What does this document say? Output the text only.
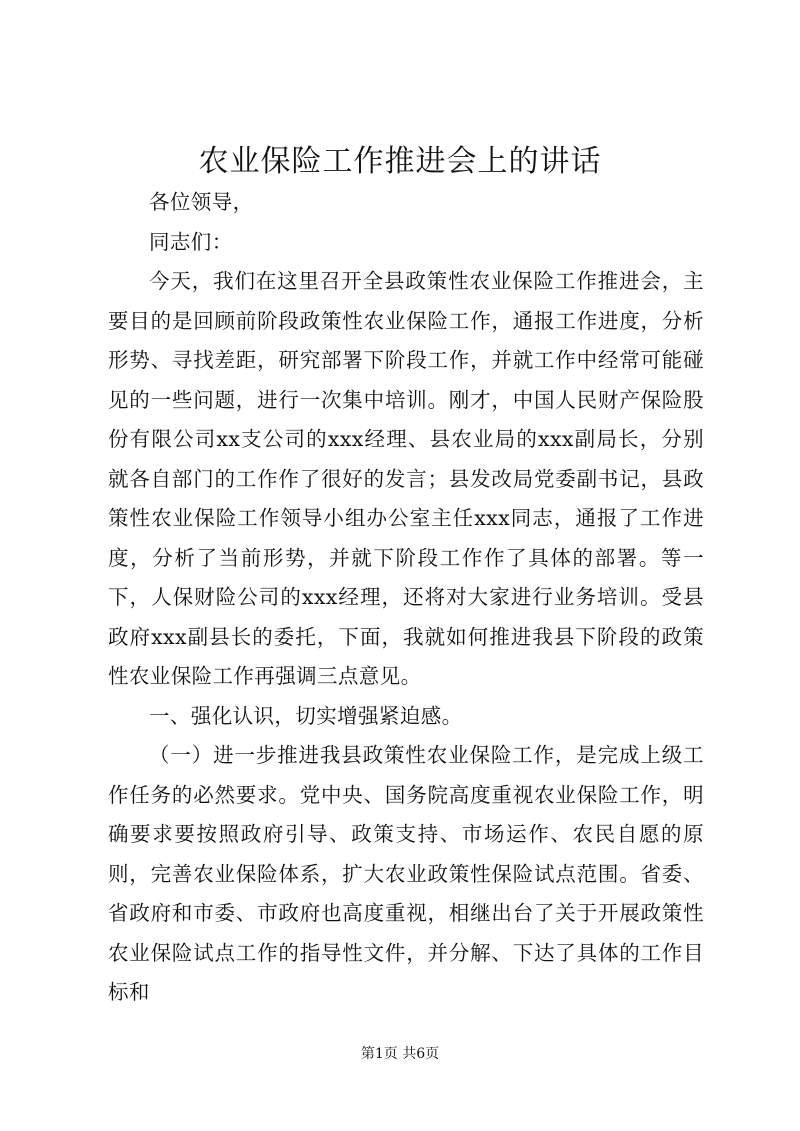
农业保险工作推进会上的讲话

各位领导，

同志们：

今天，我们在这里召开全县政策性农业保险工作推进会，主要目的是回顾前阶段政策性农业保险工作，通报工作进度，分析形势、寻找差距，研究部署下阶段工作，并就工作中经常可能碰见的一些问题，进行一次集中培训。刚才，中国人民财产保险股份有限公司xx支公司的xxx经理、县农业局的xxx副局长，分别就各自部门的工作作了很好的发言；县发改局党委副书记，县政策性农业保险工作领导小组办公室主任xxx同志，通报了工作进度，分析了当前形势，并就下阶段工作作了具体的部署。等一下，人保财险公司的xxx经理，还将对大家进行业务培训。受县政府xxx副县长的委托，下面，我就如何推进我县下阶段的政策性农业保险工作再强调三点意见。

一、强化认识，切实增强紧迫感。

（一）进一步推进我县政策性农业保险工作，是完成上级工作任务的必然要求。党中央、国务院高度重视农业保险工作，明确要求要按照政府引导、政策支持、市场运作、农民自愿的原则，完善农业保险体系，扩大农业政策性保险试点范围。省委、省政府和市委、市政府也高度重视，相继出台了关于开展政策性农业保险试点工作的指导性文件，并分解、下达了具体的工作目标和

第1页 共6页
